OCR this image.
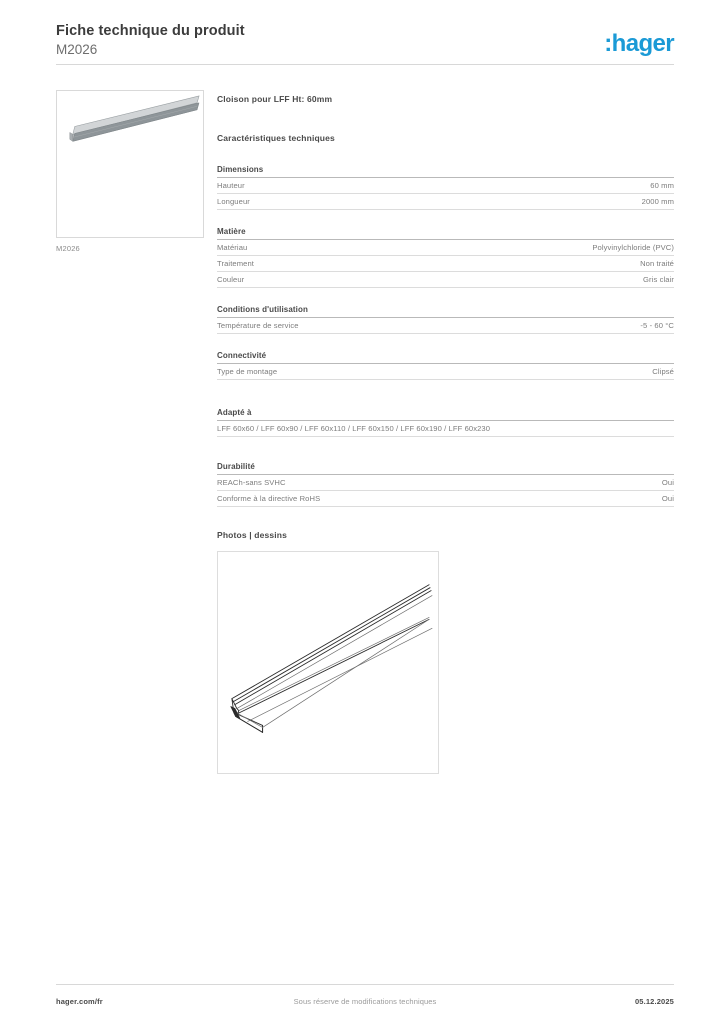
Fiche technique du produit
M2026	:hager
M2026
Cloison pour LFF Ht: 60mm
Caractéristiques techniques
Dimensions
Hauteur	60 mm
Longueur	2000 mm
Matière
Matériau	Polyvinylchloride (PVC)
Traitement	Non traité
Couleur	Gris clair
Conditions d'utilisation
Température de service	-5 - 60 °C
Connectivité
Type de montage	Clipsé
Adapté à
LFF 60x60 / LFF 60x90 / LFF 60x110 / LFF 60x150 / LFF 60x190 / LFF 60x230
Durabilité
REACh-sans SVHC	Oui
Conforme à la directive RoHS	Oui
Photos | dessins
hager.com/fr	Sous réserve de modifications techniques	05.12.2025
